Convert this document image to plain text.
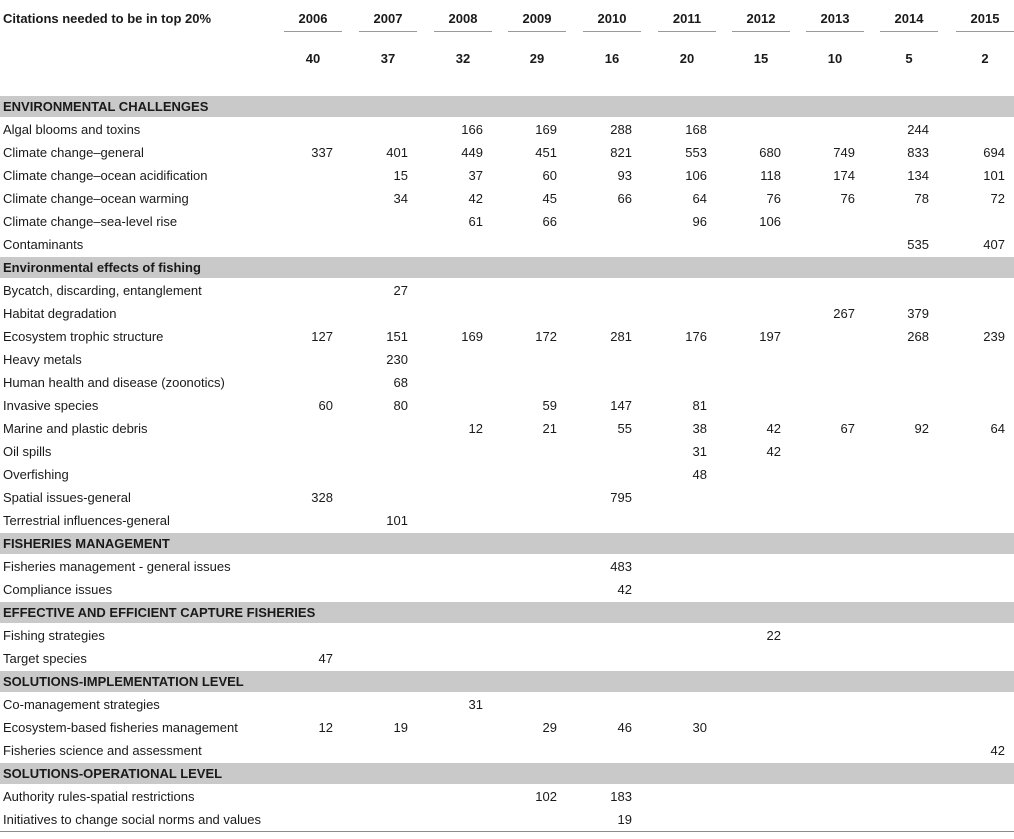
Citations needed to be in top 20%	2006	2007	2008	2009	2010	2011	2012	2013	2014	2015
	40	37	32	29	16	20	15	10	5	2
ENVIRONMENTAL CHALLENGES										
Algal blooms and toxins			166	169	288	168			244	
Climate change–general	337	401	449	451	821	553	680	749	833	694
Climate change–ocean acidification		15	37	60	93	106	118	174	134	101
Climate change–ocean warming		34	42	45	66	64	76	76	78	72
Climate change–sea-level rise			61	66		96	106			
Contaminants									535	407
Environmental effects of fishing										
Bycatch, discarding, entanglement		27								
Habitat degradation								267	379	
Ecosystem trophic structure	127	151	169	172	281	176	197		268	239
Heavy metals		230								
Human health and disease (zoonotics)		68								
Invasive species	60	80		59	147	81				
Marine and plastic debris			12	21	55	38	42	67	92	64
Oil spills						31	42			
Overfishing						48				
Spatial issues-general	328				795					
Terrestrial influences-general		101								
FISHERIES MANAGEMENT										
Fisheries management - general issues					483					
Compliance issues					42					
EFFECTIVE AND EFFICIENT CAPTURE FISHERIES										
Fishing strategies							22			
Target species	47									
SOLUTIONS-IMPLEMENTATION LEVEL										
Co-management strategies			31							
Ecosystem-based fisheries management	12	19		29	46	30				
Fisheries science and assessment										42
SOLUTIONS-OPERATIONAL LEVEL										
Authority rules-spatial restrictions				102	183					
Initiatives to change social norms and values					19					
